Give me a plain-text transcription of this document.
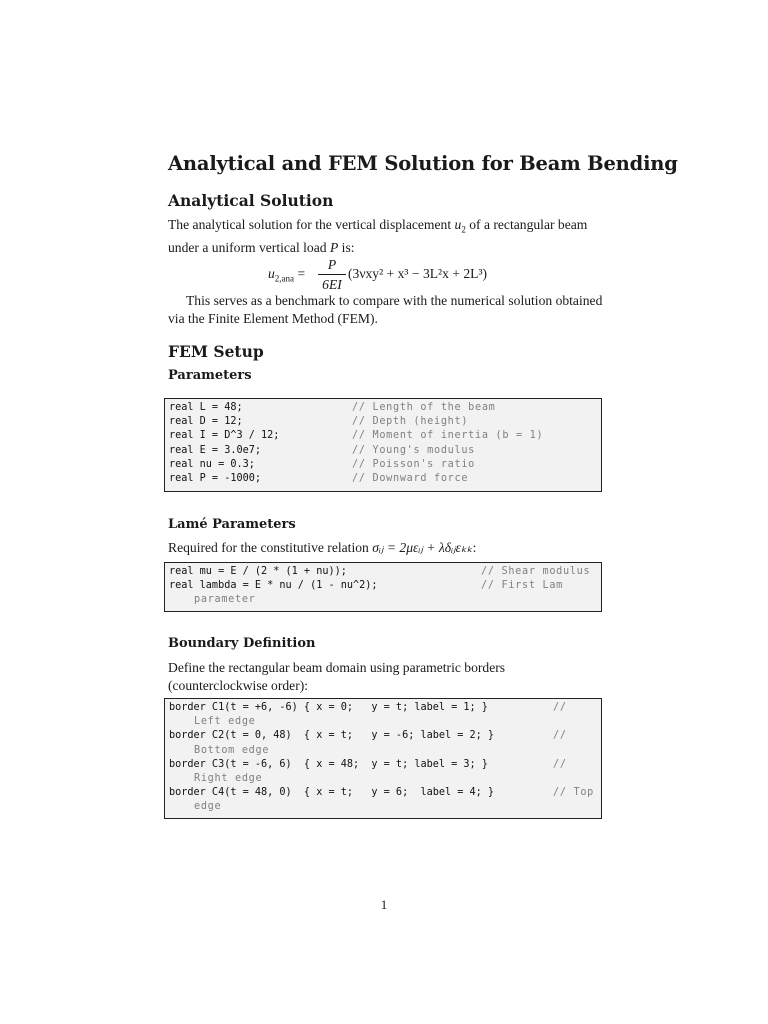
Analytical and FEM Solution for Beam Bending
Analytical Solution

The analytical solution for the vertical displacement $u_2$ of a rectangular beam under a uniform vertical load P is:

$u_{2,ana}$ =
P
6EI
(3νxy² + x³ − 3L²x + 2L³)

This serves as a benchmark to compare with the numerical solution obtained via the Finite Element Method (FEM).

FEM Setup
Parameters
real L = 48;	// Length of the beam
real D = 12;	// Depth (height)
real I = D^3 / 12;	// Moment of inertia (b = 1)
real E = 3.0e7;	// Young's modulus
real nu = 0.3;	// Poisson's ratio
real P = -1000;	// Downward force
Lamé Parameters

Required for the constitutive relation σᵢⱼ = 2μεᵢⱼ + λδᵢⱼεₖₖ:

real mu = E / (2 * (1 + nu));	// Shear modulus
real lambda = E * nu / (1 - nu^2);	// First Lam
parameter
Boundary Definition

Define the rectangular beam domain using parametric borders (counterclockwise order):

border C1(t = +6, -6) { x = 0;   y = t; label = 1; }	//
Left edge
border C2(t = 0, 48)  { x = t;   y = -6; label = 2; }	//
Bottom edge
border C3(t = -6, 6)  { x = 48;  y = t; label = 3; }	//
Right edge
border C4(t = 48, 0)  { x = t;   y = 6;  label = 4; }	// Top
edge
1
